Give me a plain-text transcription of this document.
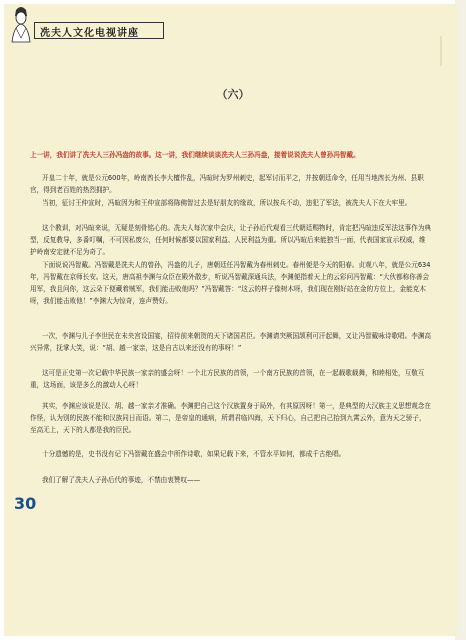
冼夫人文化电视讲座
（六）
上一讲，我们讲了冼夫人三孙冯盎的故事。这一讲，我们继续谈谈冼夫人三孙冯盎，接着说说冼夫人曾孙冯智戴。
开皇二十年，就是公元600年，岭南酋长李大檀作乱，冯暄时为罗州刺史，起军讨而平之，并按朝廷命令，任用当地酋长为州、县职官，得到老百姓的热烈拥护。
当初，征讨王仲宣时，冯暄因为和王仲宣部将陈佛智过去是好朋友的缘故，所以按兵不动，违犯了军法，被冼夫人下在大牢里。
这个教训，对冯暄来说，无疑是刻骨铭心的。冼夫人每次家中会庆，让子孙后代观看三代朝廷赐物时，肯定把冯暄违反军法这事作为典型，反复教导，多番叮嘱，不可因私废公，任何时候都要以国家利益、人民利益为重。所以冯暄后来能独当一面，代表国家宣示权威，维护岭南安定就不足为奇了。
下面说说冯智戴。冯智戴是冼夫人的曾孙，冯盎的儿子，唐朝廷任冯智戴为春州刺史。春州便是今天的阳春。贞观八年，就是公元634年，冯智戴在京师长安。这天，唐高祖李渊与众臣在殿外散步，听说冯智戴深通兵法，李渊便指着天上的云彩问冯智戴：“大伙都称你善会用军，我且问你，这云朵下便藏着贼军，我们能击败他吗？”冯智戴答：“这云的样子像树木呀，我们现在刚好站在金的方位上，金能克木呀，我们能击败他！”李渊大为惊奇，连声赞好。
一次，李渊与儿子李世民在未央宫设国宴，招待前来朝贺的天下诸国君臣。李渊请突厥国颉利可汗起舞，又让冯智戴咏诗歌唱。李渊高兴异常，抚掌大笑，说：“胡、越一家亲，这是自古以来还没有的事呀！”
这可是正史第一次记载中华民族一家亲的盛会呀！一个北方民族的首领，一个南方民族的首领，在一起载歌载舞，和睦相处，互敬互重，这场面，该是多么的激动人心呀！
其实，李渊应该说是汉、胡、越一家亲才准确。李渊把自己这个汉族置身于局外，有其原因呀！第一，是典型的大汉族主义思想观念在作怪，认为别的民族不能和汉族同日而语。第二，是帝皇的通病，所谓君临四海，天下归心，自己把自己抬到九霄云外，意为天之骄子，至高无上，天下的人都是我的臣民。
十分遗憾的是，史书没有记下冯智戴在盛会中所作诗歌，如果记载下来，不管水平如何，都成千古绝唱。
我们了解了冼夫人子孙后代的事迹，不禁由衷赞叹——
30
